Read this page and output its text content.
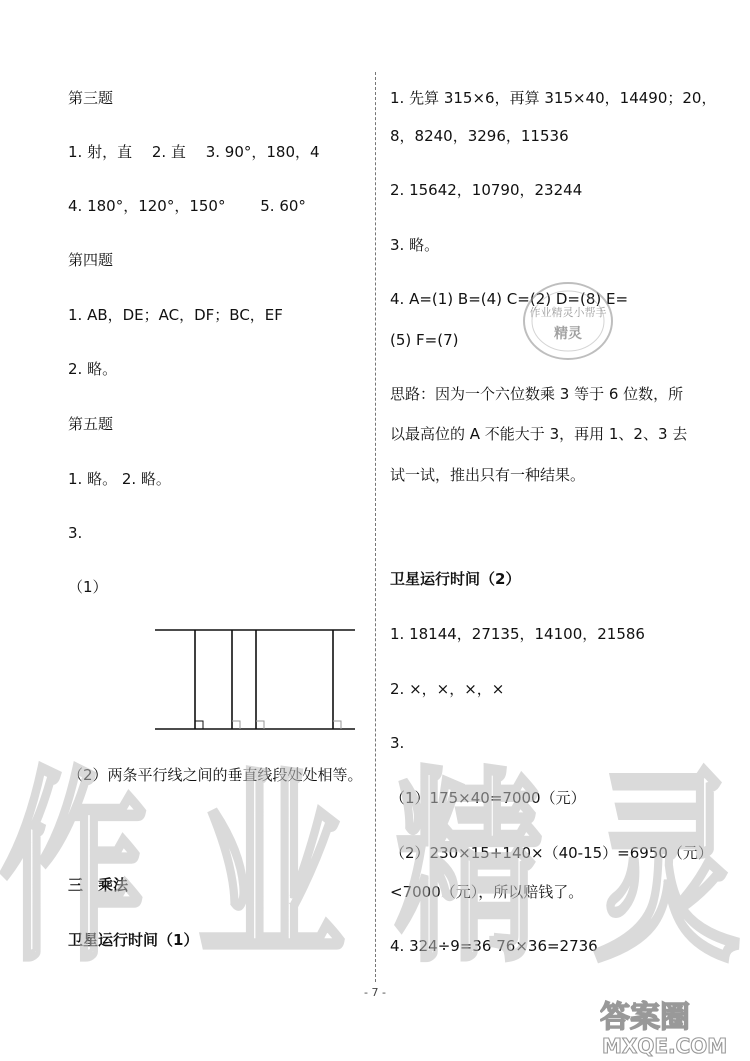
第三题
1. 射，直　 2. 直　 3. 90°，180，4
4. 180°，120°，150°　　 5. 60°
第四题
1. AB，DE；AC，DF；BC，EF
2. 略。
第五题
1. 略。 2. 略。
3.
（1）
（2）两条平行线之间的垂直线段处处相等。
三　乘法
卫星运行时间（1）
1. 先算 315×6，再算 315×40，14490；20，
8，8240，3296，11536
2. 15642，10790，23244
3. 略。
4. A=(1) B=(4) C=(2) D=(8) E=
(5) F=(7)
思路：因为一个六位数乘 3 等于 6 位数，所
以最高位的 A 不能大于 3，再用 1、2、3 去
试一试，推出只有一种结果。
卫星运行时间（2）
1. 18144，27135，14100，21586
2. ×，×，×，×
3.
（1）175×40=7000（元）
（2）230×15+140×（40-15）=6950（元）
<7000（元），所以赔钱了。
4. 324÷9=36 76×36=2736
作业精灵小帮手
精灵
作 业 精 灵
答案圈
MXQE.COM
- 7 -
